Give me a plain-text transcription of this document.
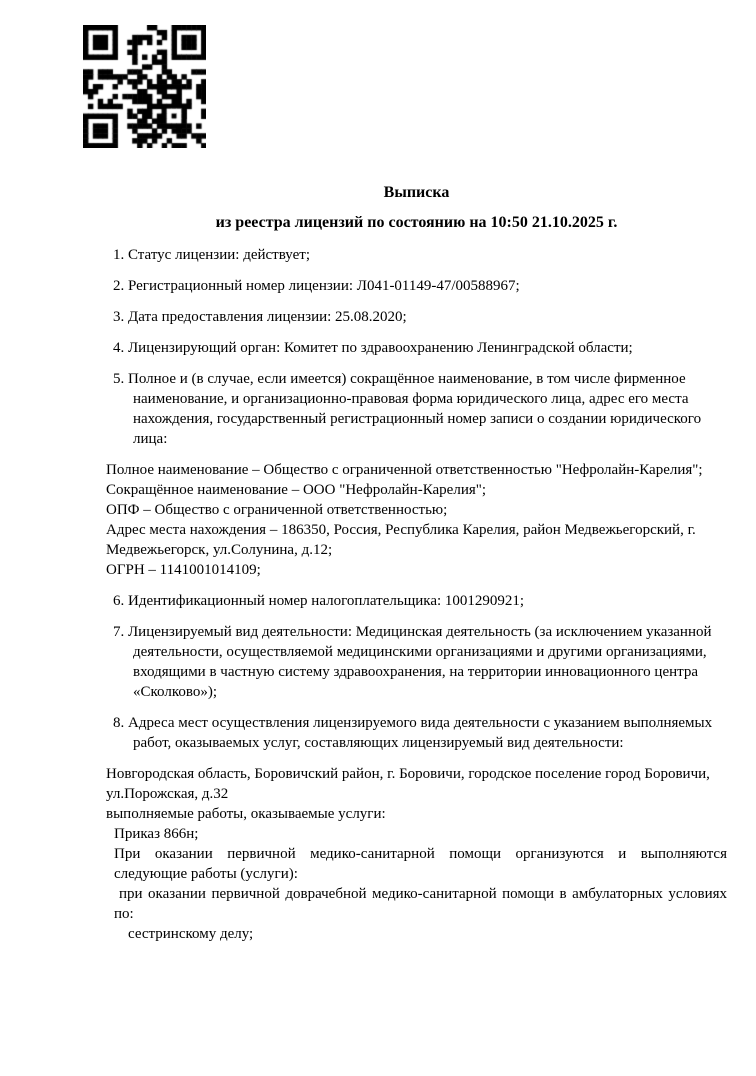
Выписка
из реестра лицензий по состоянию на 10:50 21.10.2025 г.
1. Статус лицензии: действует;
2. Регистрационный номер лицензии: Л041-01149-47/00588967;
3. Дата предоставления лицензии: 25.08.2020;
4. Лицензирующий орган: Комитет по здравоохранению Ленинградской области;
5. Полное и (в случае, если имеется) сокращённое наименование, в том числе фирменное наименование, и организационно-правовая форма юридического лица, адрес его места нахождения, государственный регистрационный номер записи о создании юридического лица:
Полное наименование – Общество с ограниченной ответственностью "Нефролайн-Карелия";
Сокращённое наименование – ООО "Нефролайн-Карелия";
ОПФ – Общество с ограниченной ответственностью;
Адрес места нахождения – 186350, Россия, Республика Карелия, район Медвежьегорский, г. Медвежьегорск, ул.Солунина, д.12;
ОГРН – 1141001014109;
6. Идентификационный номер налогоплательщика: 1001290921;
7. Лицензируемый вид деятельности: Медицинская деятельность (за исключением указанной деятельности, осуществляемой медицинскими организациями и другими организациями, входящими в частную систему здравоохранения, на территории инновационного центра «Сколково»);
8. Адреса мест осуществления лицензируемого вида деятельности с указанием выполняемых работ, оказываемых услуг, составляющих лицензируемый вид деятельности:
Новгородская область, Боровичский район, г. Боровичи, городское поселение город Боровичи, ул.Порожская, д.32
выполняемые работы, оказываемые услуги:
Приказ 866н;
При оказании первичной медико-санитарной помощи организуются и выполняются следующие работы (услуги):
при оказании первичной доврачебной медико-санитарной помощи в амбулаторных условиях по:
сестринскому делу;
